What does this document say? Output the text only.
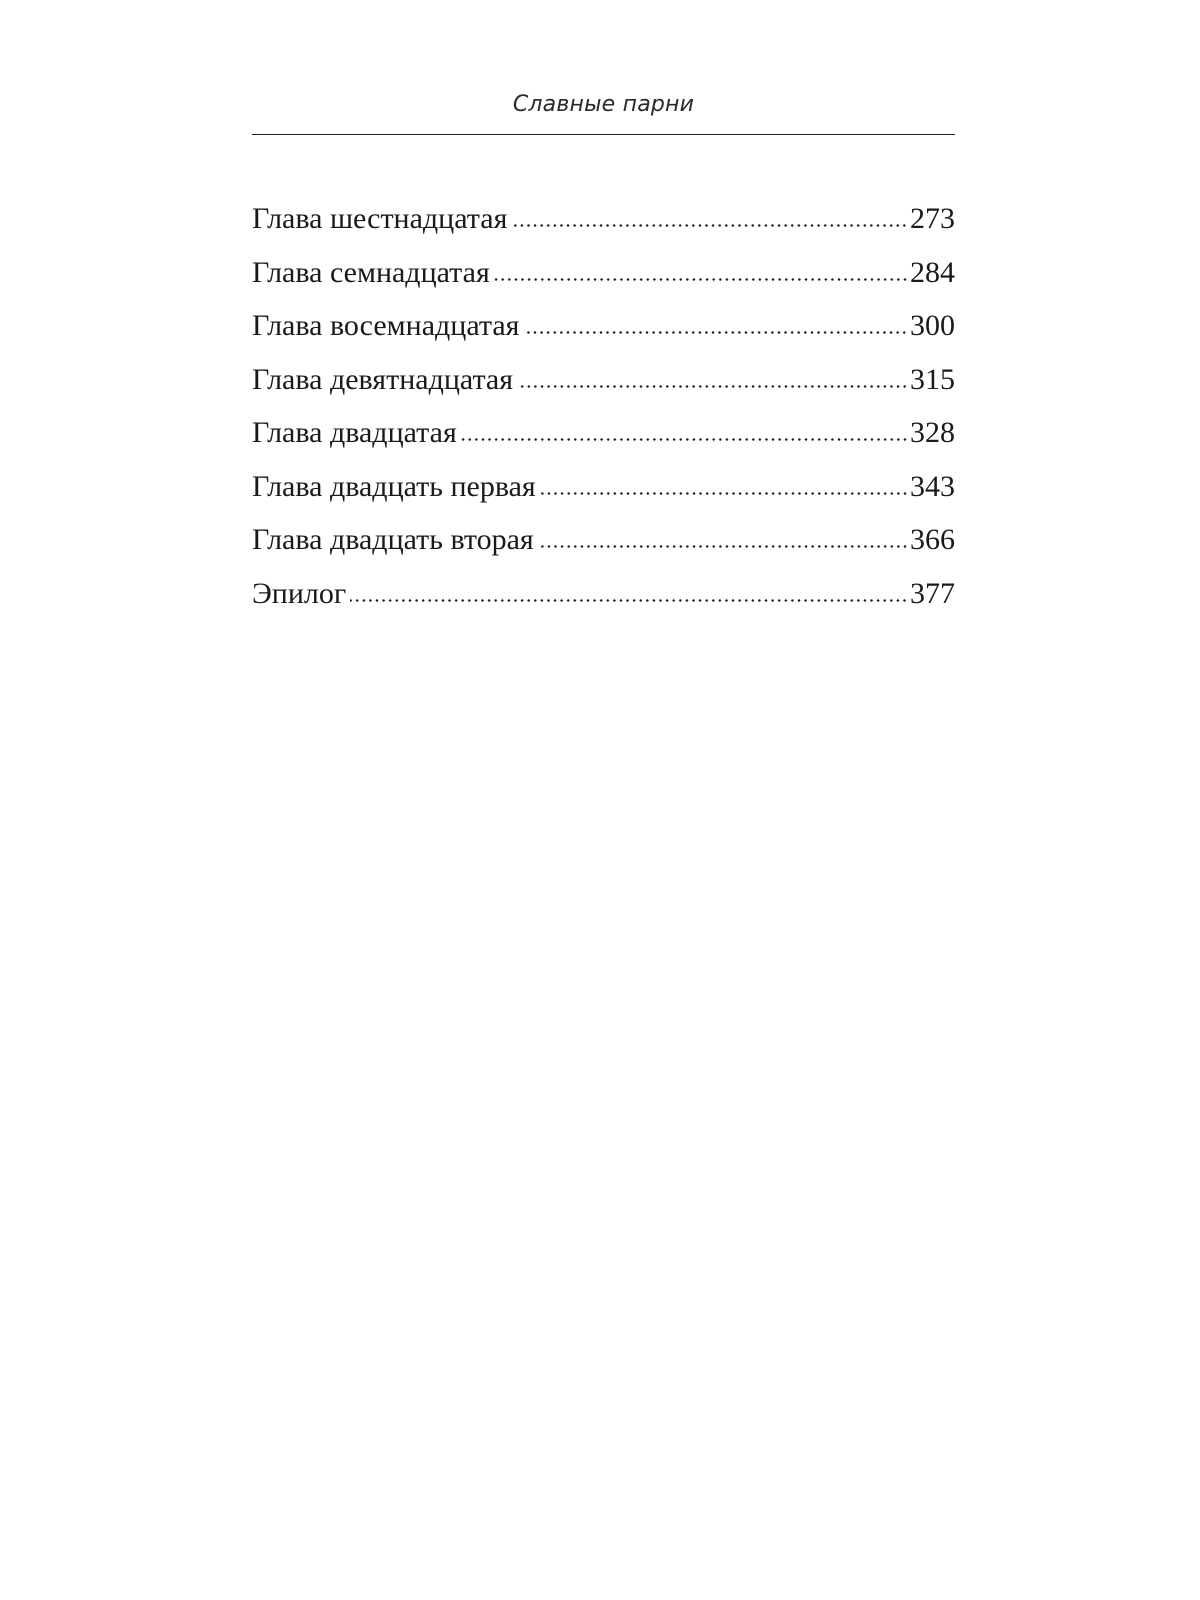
Славные парни
Глава шестнадцатая	273
Глава семнадцатая	284
Глава восемнадцатая	300
Глава девятнадцатая	315
Глава двадцатая	328
Глава двадцать первая	343
Глава двадцать вторая	366
Эпилог	377
